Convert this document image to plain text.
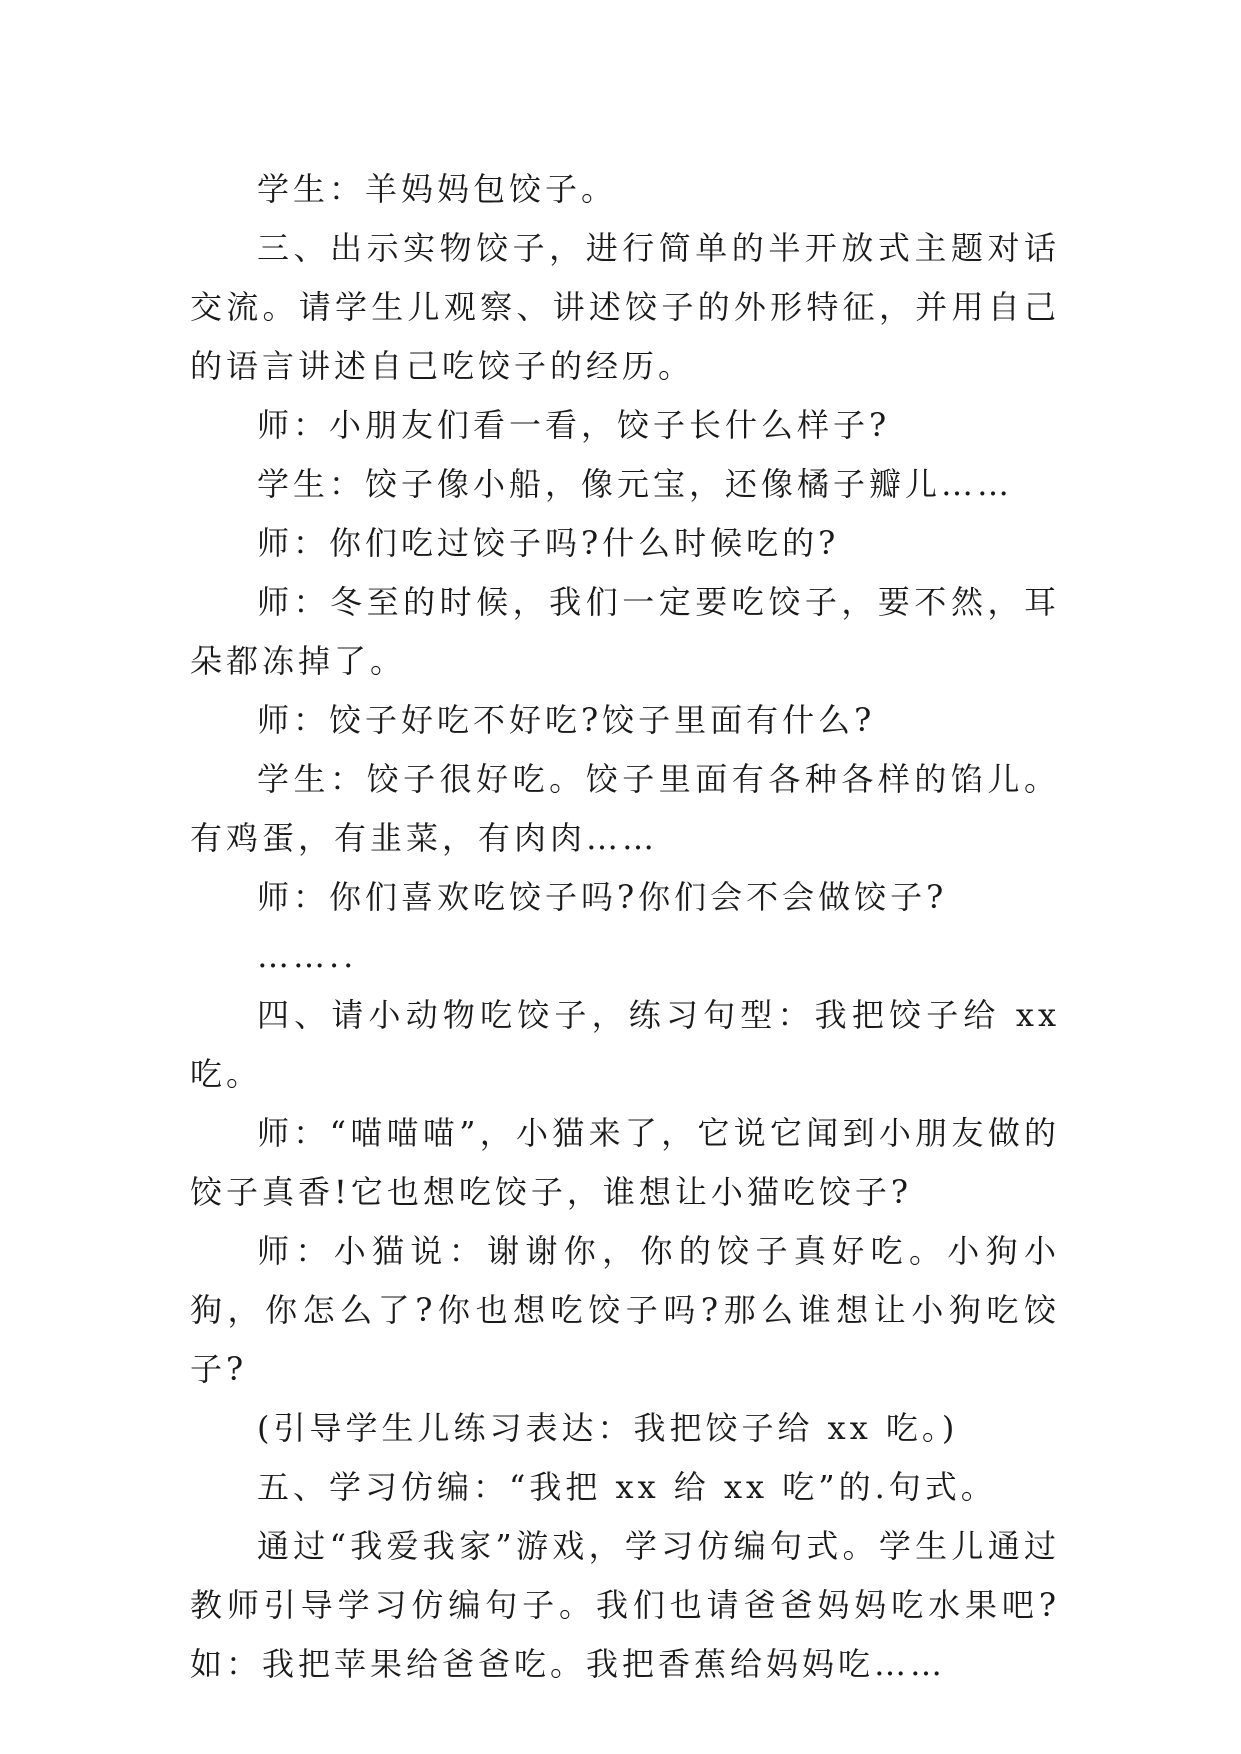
学生：羊妈妈包饺子。

三、出示实物饺子，进行简单的半开放式主题对话交流。请学生儿观察、讲述饺子的外形特征，并用自己的语言讲述自己吃饺子的经历。

师：小朋友们看一看，饺子长什么样子?

学生：饺子像小船，像元宝，还像橘子瓣儿……

师：你们吃过饺子吗?什么时候吃的?

师：冬至的时候，我们一定要吃饺子，要不然，耳朵都冻掉了。

师：饺子好吃不好吃?饺子里面有什么?

学生：饺子很好吃。饺子里面有各种各样的馅儿。有鸡蛋，有韭菜，有肉肉……

师：你们喜欢吃饺子吗?你们会不会做饺子?

……..

四、请小动物吃饺子，练习句型：我把饺子给 xx 吃。

师：“喵喵喵”，小猫来了，它说它闻到小朋友做的饺子真香!它也想吃饺子，谁想让小猫吃饺子?

师：小猫说：谢谢你，你的饺子真好吃。小狗小狗，你怎么了?你也想吃饺子吗?那么谁想让小狗吃饺子?

(引导学生儿练习表达：我把饺子给 xx 吃。)

五、学习仿编：“我把 xx 给 xx 吃”的.句式。

通过“我爱我家”游戏，学习仿编句式。学生儿通过教师引导学习仿编句子。我们也请爸爸妈妈吃水果吧?如：我把苹果给爸爸吃。我把香蕉给妈妈吃……
